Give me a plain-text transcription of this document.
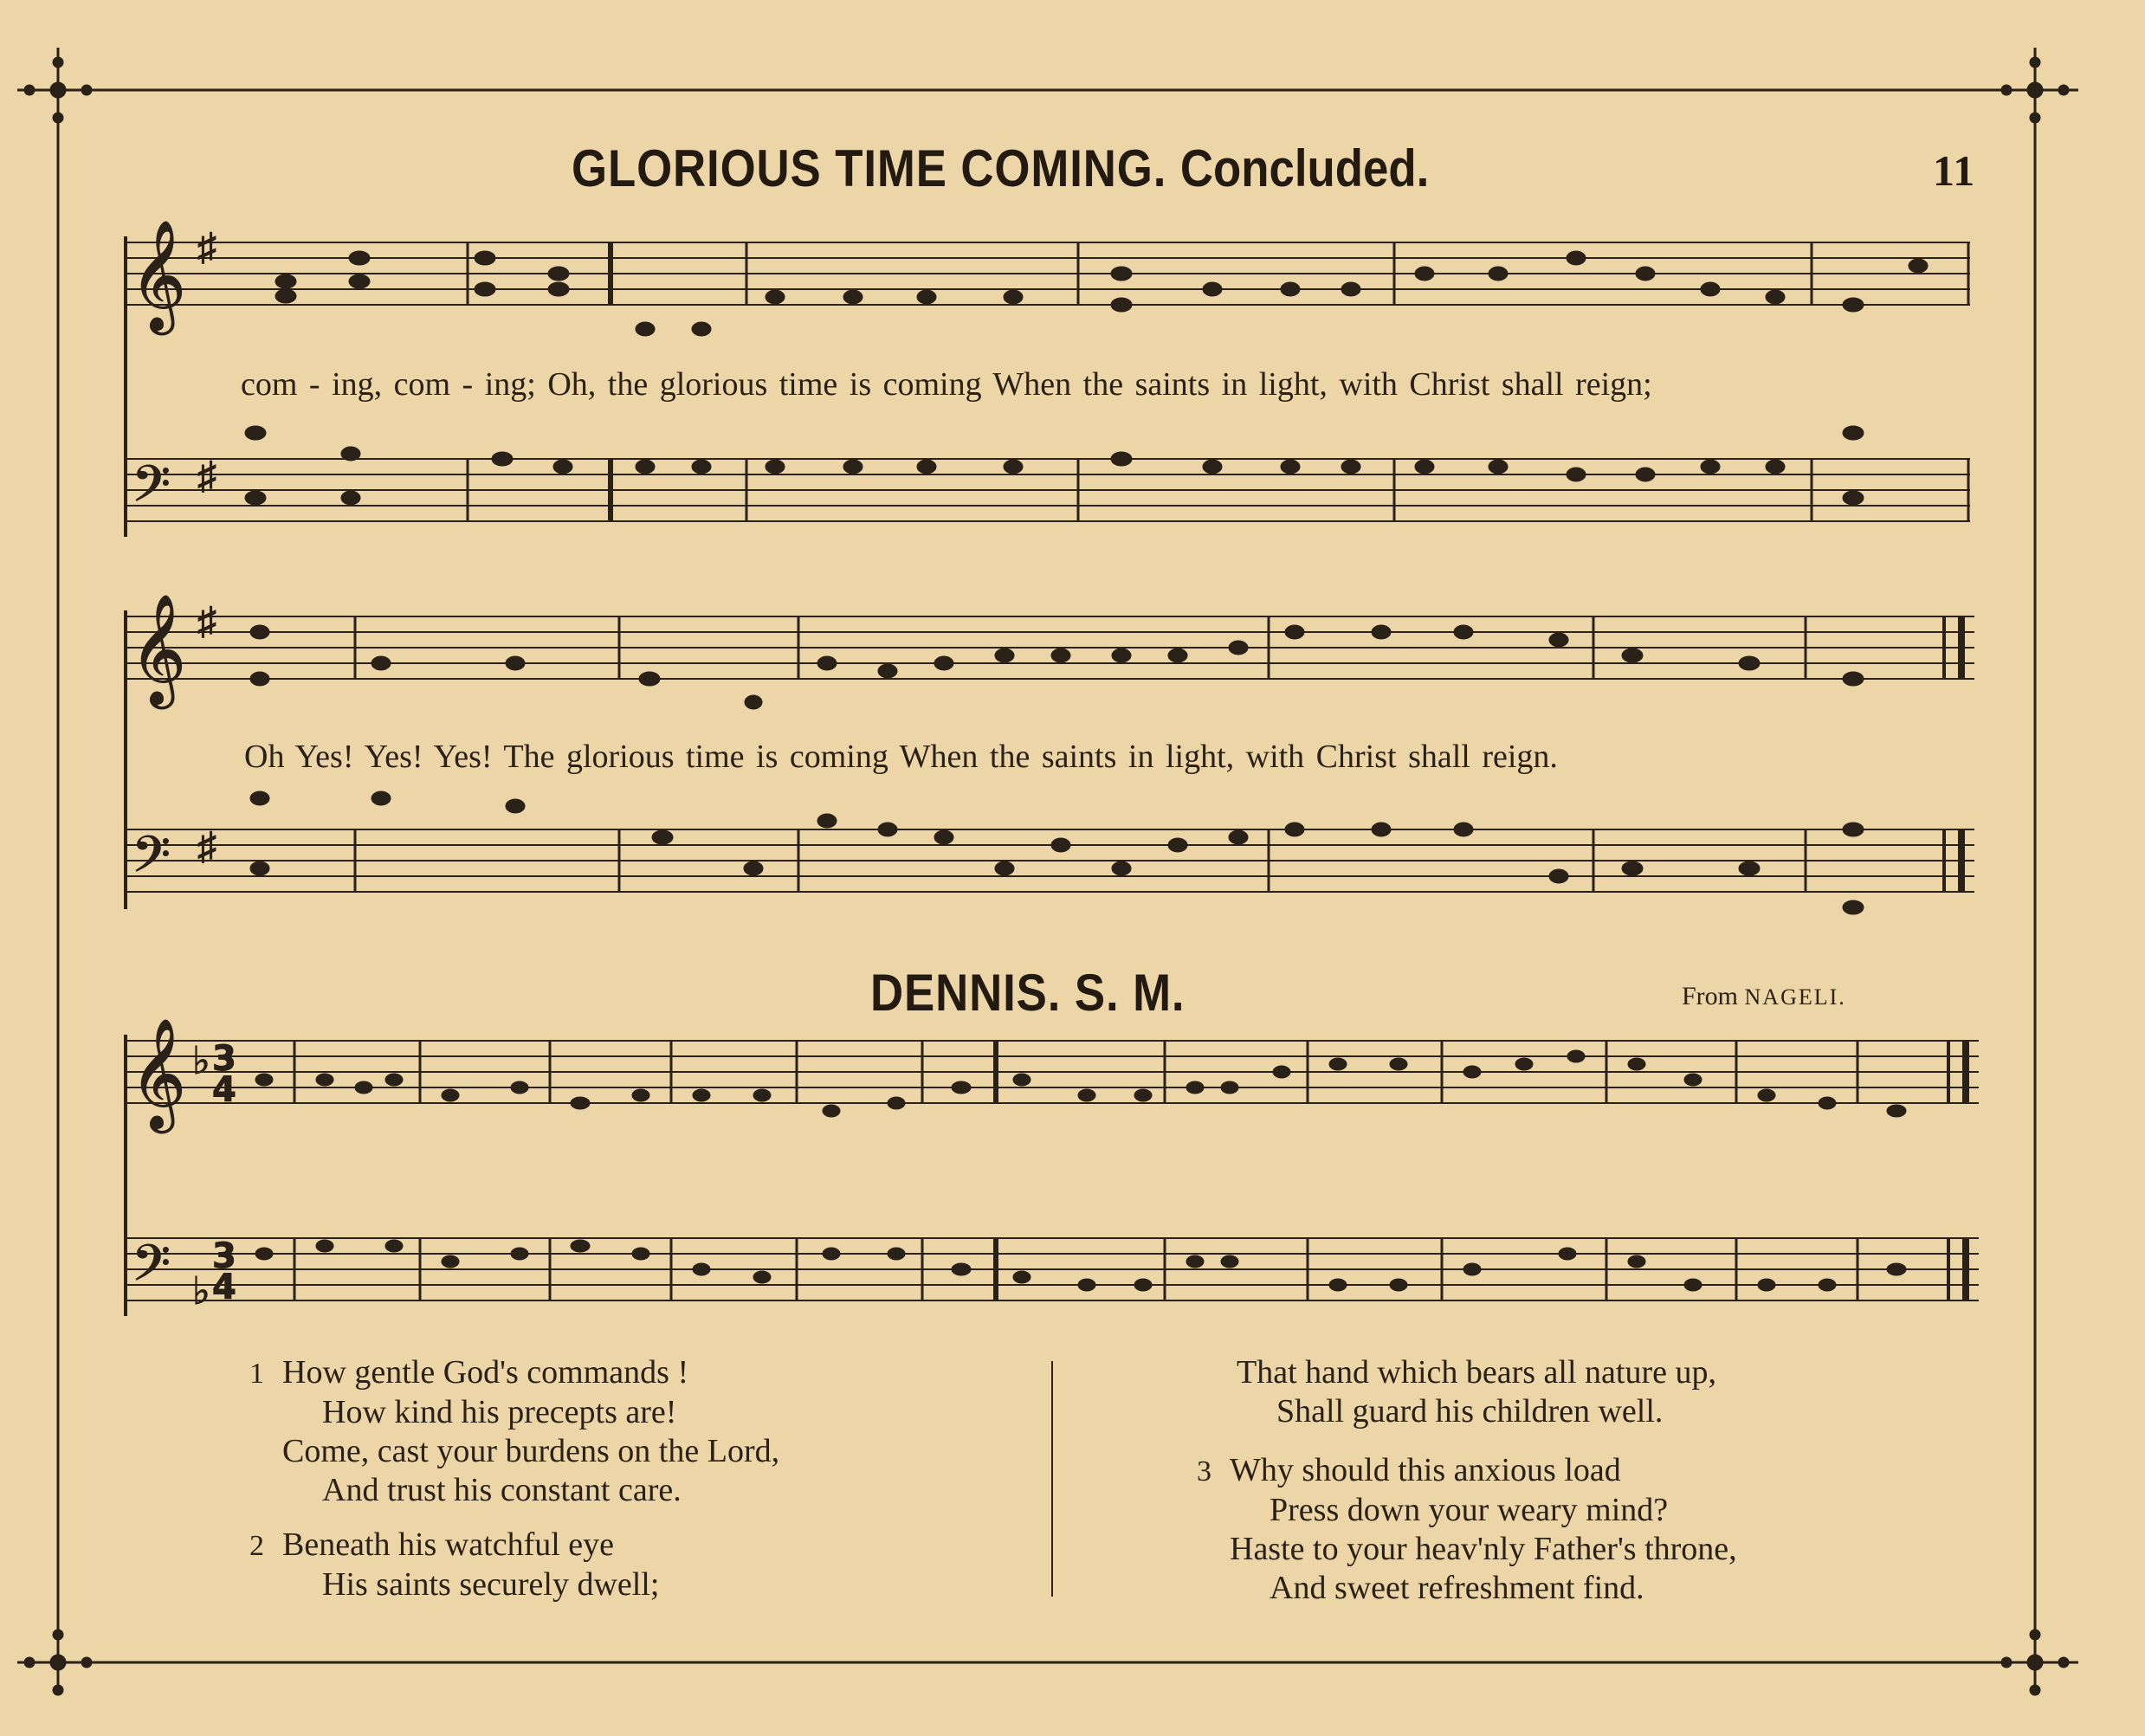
𝄞
𝄢
♯
♯
𝄞
𝄢
♯
♯
𝄞
𝄢
♭
♭
3
4
3
4
GLORIOUS TIME COMING. Concluded.	11
com - ing, com - ing; Oh, the glorious time is coming When the saints in light, with Christ shall reign;
Oh Yes! Yes! Yes! The glorious time is coming When the saints in light, with Christ shall reign.
DENNIS. S. M.	From NAGELI.
1 How gentle God's commands !
How kind his precepts are!
Come, cast your burdens on the Lord,
And trust his constant care.
2 Beneath his watchful eye
His saints securely dwell;
That hand which bears all nature up,
Shall guard his children well.
3 Why should this anxious load
Press down your weary mind?
Haste to your heav'nly Father's throne,
And sweet refreshment find.
